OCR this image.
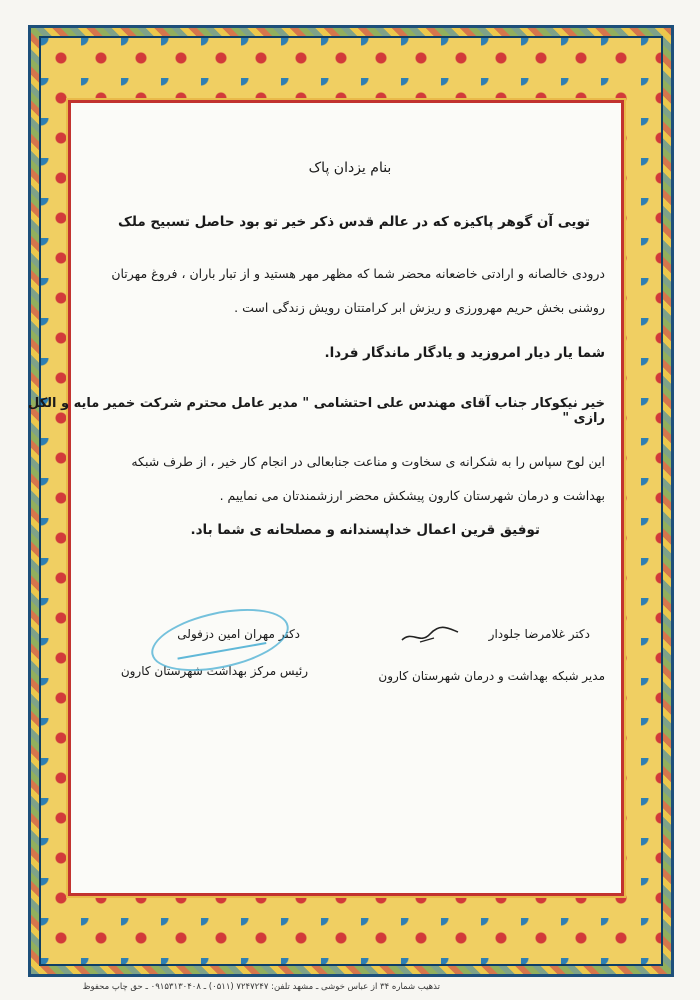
بنام یزدان پاک
تویی آن گوهر پاکیزه که در عالم قدس
ذکر خیر تو بود حاصل تسبیح ملک
درودی خالصانه و ارادتی خاضعانه محضر شما که مظهر مهر هستید و از تبار باران ، فروغ مهرتان روشنی بخش حریم مهرورزی و ریزش ابر کرامتتان رویش زندگی است .
شما یار دیار امروزید و یادگار ماندگار فردا.
خیر نیکوکار جناب آقای مهندس علی احتشامی " مدیر عامل محترم شرکت خمیر مایه و الکل رازی "
این لوح سپاس را به شکرانه ی سخاوت و مناعت جنابعالی در انجام کار خیر ، از طرف شبکه بهداشت و درمان شهرستان کارون پیشکش محضر ارزشمندتان می نماییم .
توفیق قرین اعمال خداپسندانه و مصلحانه ی شما باد.
دکتر غلامرضا جلودار
مدیر شبکه بهداشت و درمان شهرستان کارون
دکتر مهران امین دزفولی
رئیس مرکز بهداشت شهرستان کارون
تذهیب شماره ۳۴ از عباس خوشی ـ مشهد تلفن: ۷۲۴۷۲۴۷ (۰۵۱۱) ـ ۰۹۱۵۳۱۳۰۴۰۸ ـ حق چاپ محفوظ
